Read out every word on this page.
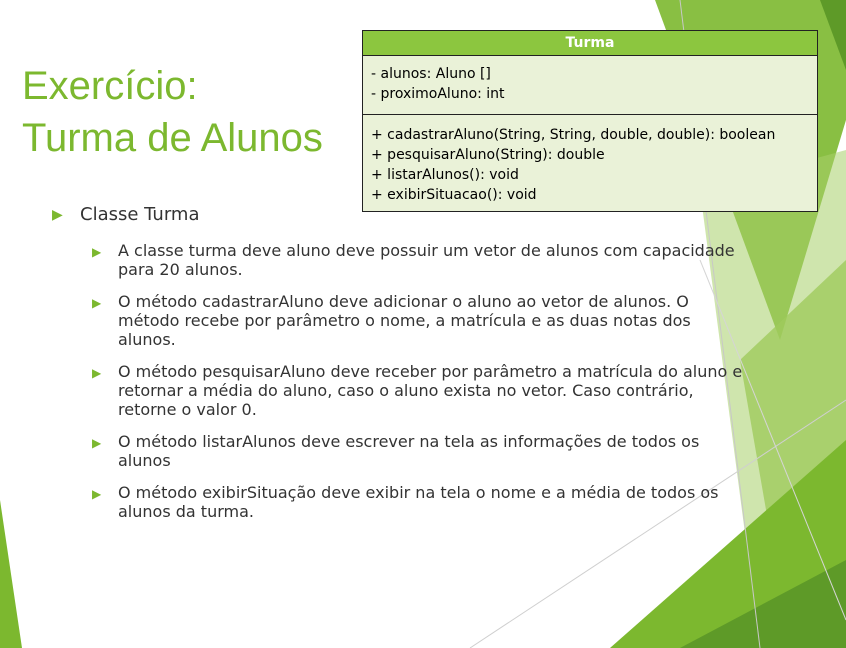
Exercício:
Turma de Alunos
Turma
- alunos: Aluno []
- proximoAluno: int
+ cadastrarAluno(String, String, double, double): boolean
+ pesquisarAluno(String): double
+ listarAlunos(): void
+ exibirSituacao(): void
▶ Classe Turma
▶	A classe turma deve aluno deve possuir um vetor de alunos com capacidade para 20 alunos.
▶	O método cadastrarAluno deve adicionar o aluno ao vetor de alunos. O método recebe por parâmetro o nome, a matrícula e as duas notas dos alunos.
▶	O método pesquisarAluno deve receber por parâmetro a matrícula do aluno e retornar a média do aluno, caso o aluno exista no vetor. Caso contrário, retorne o valor 0.
▶	O método listarAlunos deve escrever na tela as informações de todos os alunos
▶	O método exibirSituação deve exibir na tela o nome e a média de todos os alunos da turma.
